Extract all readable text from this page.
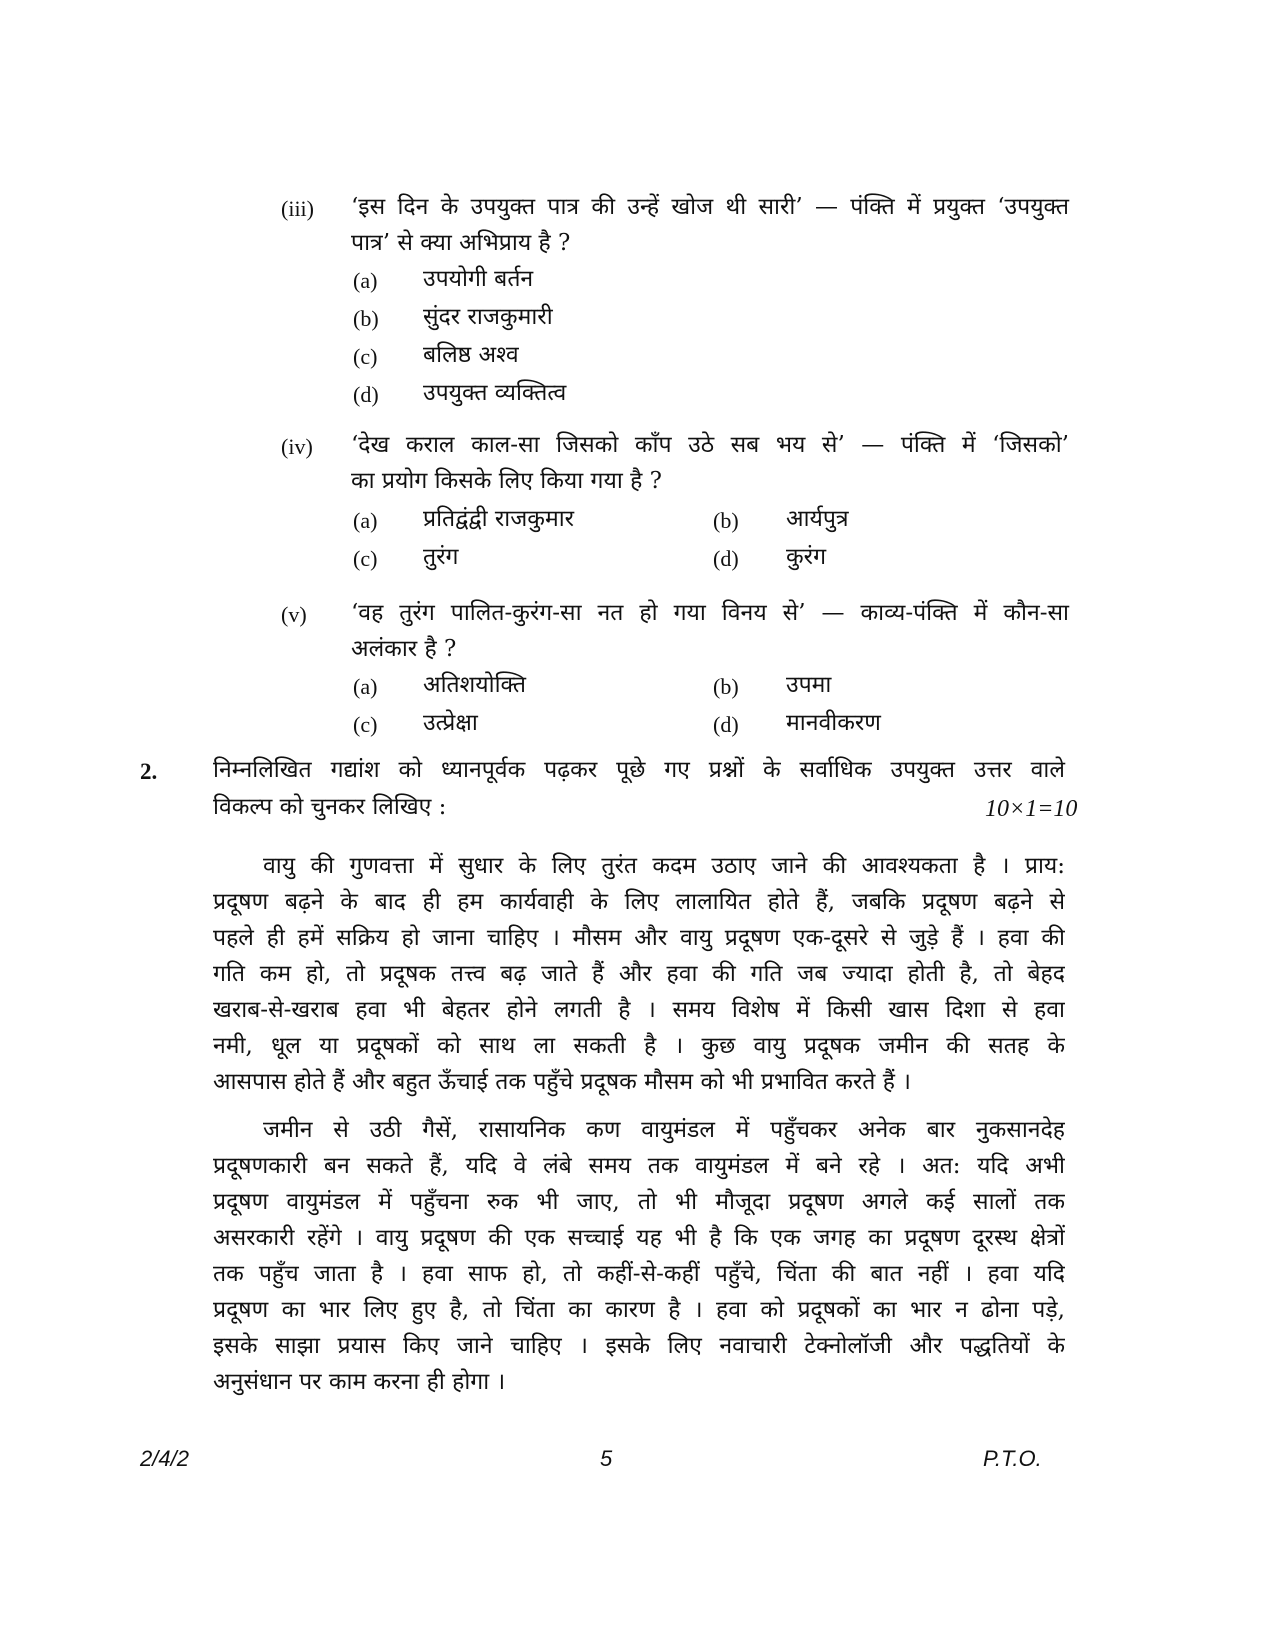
(iii) ‘इस दिन के उपयुक्त पात्र की उन्हें खोज थी सारी’ — पंक्ति में प्रयुक्त ‘उपयुक्त
पात्र’ से क्या अभिप्राय है ?
(a) उपयोगी बर्तन
(b) सुंदर राजकुमारी
(c) बलिष्ठ अश्व
(d) उपयुक्त व्यक्तित्व
(iv) ‘देख कराल काल-सा जिसको काँप उठे सब भय से’ — पंक्ति में ‘जिसको’
का प्रयोग किसके लिए किया गया है ?
(a) प्रतिद्वंद्वी राजकुमार	(b) आर्यपुत्र
(c) तुरंग	(d) कुरंग
(v) ‘वह तुरंग पालित-कुरंग-सा नत हो गया विनय से’ — काव्य-पंक्ति में कौन-सा
अलंकार है ?
(a) अतिशयोक्ति	(b) उपमा
(c) उत्प्रेक्षा	(d) मानवीकरण
2. निम्नलिखित गद्यांश को ध्यानपूर्वक पढ़कर पूछे गए प्रश्नों के सर्वाधिक उपयुक्त उत्तर वाले
विकल्प को चुनकर लिखिए :	10×1=10
वायु की गुणवत्ता में सुधार के लिए तुरंत कदम उठाए जाने की आवश्यकता है । प्राय:
प्रदूषण बढ़ने के बाद ही हम कार्यवाही के लिए लालायित होते हैं, जबकि प्रदूषण बढ़ने से
पहले ही हमें सक्रिय हो जाना चाहिए । मौसम और वायु प्रदूषण एक-दूसरे से जुड़े हैं । हवा की
गति कम हो, तो प्रदूषक तत्त्व बढ़ जाते हैं और हवा की गति जब ज्यादा होती है, तो बेहद
खराब-से-खराब हवा भी बेहतर होने लगती है । समय विशेष में किसी खास दिशा से हवा
नमी, धूल या प्रदूषकों को साथ ला सकती है । कुछ वायु प्रदूषक जमीन की सतह के
आसपास होते हैं और बहुत ऊँचाई तक पहुँचे प्रदूषक मौसम को भी प्रभावित करते हैं ।
जमीन से उठी गैसें, रासायनिक कण वायुमंडल में पहुँचकर अनेक बार नुकसानदेह
प्रदूषणकारी बन सकते हैं, यदि वे लंबे समय तक वायुमंडल में बने रहे । अत: यदि अभी
प्रदूषण वायुमंडल में पहुँचना रुक भी जाए, तो भी मौजूदा प्रदूषण अगले कई सालों तक
असरकारी रहेंगे । वायु प्रदूषण की एक सच्चाई यह भी है कि एक जगह का प्रदूषण दूरस्थ क्षेत्रों
तक पहुँच जाता है । हवा साफ हो, तो कहीं-से-कहीं पहुँचे, चिंता की बात नहीं । हवा यदि
प्रदूषण का भार लिए हुए है, तो चिंता का कारण है । हवा को प्रदूषकों का भार न ढोना पड़े,
इसके साझा प्रयास किए जाने चाहिए । इसके लिए नवाचारी टेक्नोलॉजी और पद्धतियों के
अनुसंधान पर काम करना ही होगा ।
2/4/2	5	P.T.O.
